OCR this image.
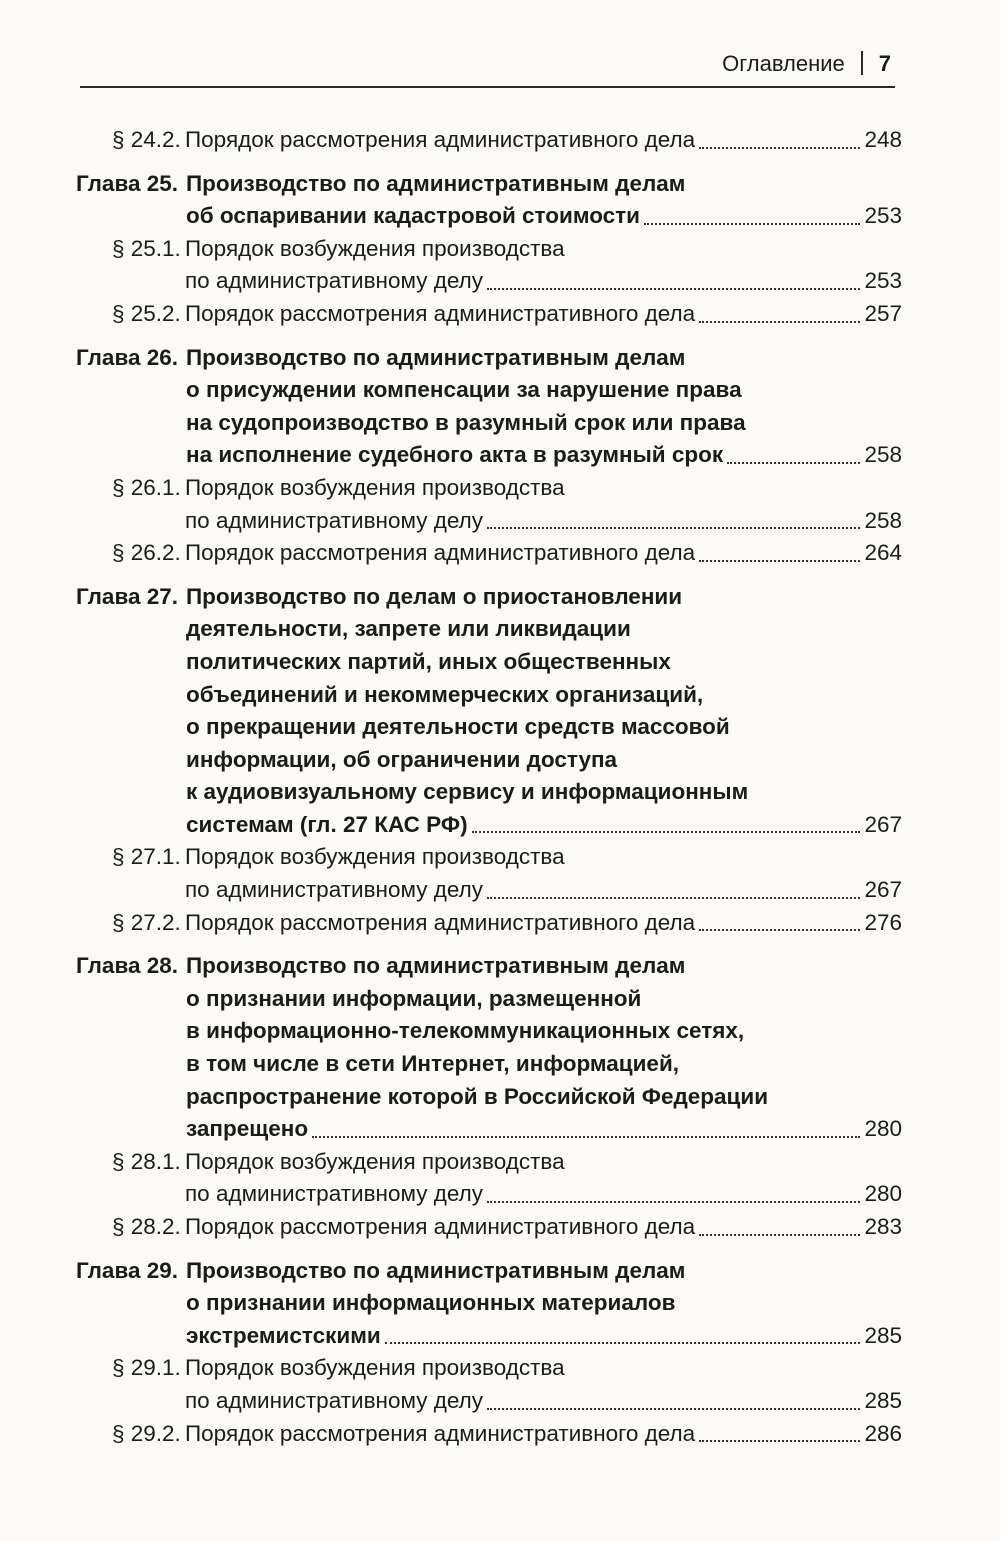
Оглавление 7
§ 24.2. Порядок рассмотрения административного дела	248
Глава 25. Производство по административным делам
об оспаривании кадастровой стоимости	253
§ 25.1. Порядок возбуждения производства
по административному делу	253
§ 25.2. Порядок рассмотрения административного дела	257
Глава 26. Производство по административным делам
о присуждении компенсации за нарушение права
на судопроизводство в разумный срок или права
на исполнение судебного акта в разумный срок	258
§ 26.1. Порядок возбуждения производства
по административному делу	258
§ 26.2. Порядок рассмотрения административного дела	264
Глава 27. Производство по делам о приостановлении
деятельности, запрете или ликвидации
политических партий, иных общественных
объединений и некоммерческих организаций,
о прекращении деятельности средств массовой
информации, об ограничении доступа
к аудиовизуальному сервису и информационным
системам (гл. 27 КАС РФ)	267
§ 27.1. Порядок возбуждения производства
по административному делу	267
§ 27.2. Порядок рассмотрения административного дела	276
Глава 28. Производство по административным делам
о признании информации, размещенной
в информационно-телекоммуникационных сетях,
в том числе в сети Интернет, информацией,
распространение которой в Российской Федерации
запрещено	280
§ 28.1. Порядок возбуждения производства
по административному делу	280
§ 28.2. Порядок рассмотрения административного дела	283
Глава 29. Производство по административным делам
о признании информационных материалов
экстремистскими	285
§ 29.1. Порядок возбуждения производства
по административному делу	285
§ 29.2. Порядок рассмотрения административного дела	286
